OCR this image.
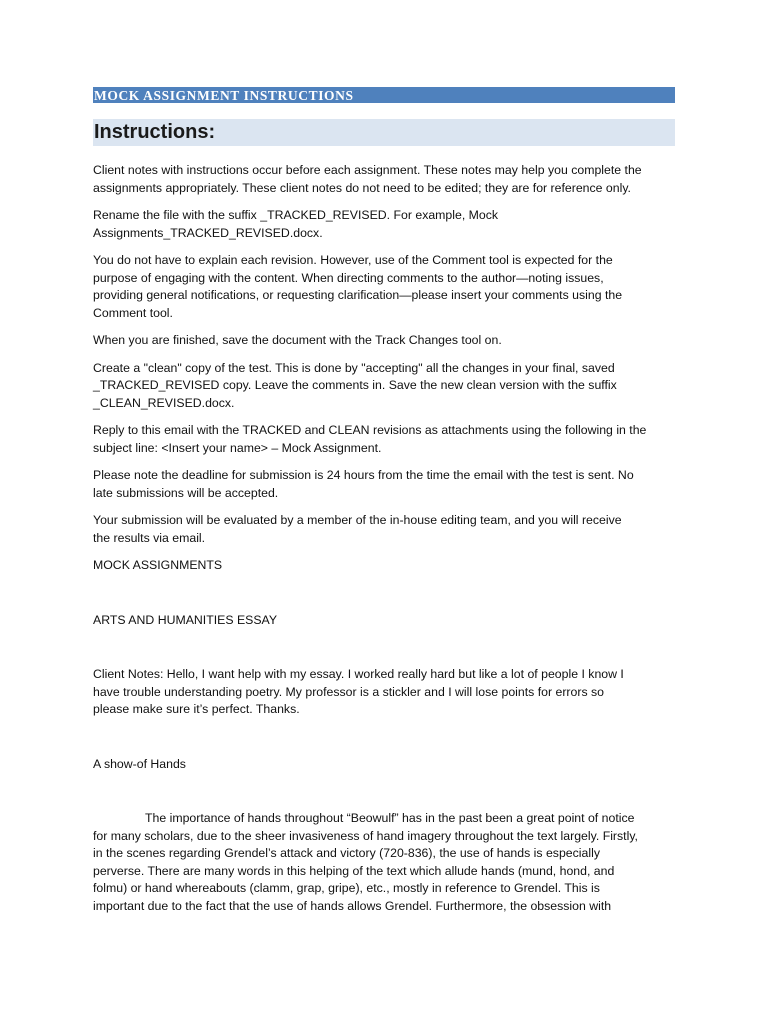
MOCK ASSIGNMENT INSTRUCTIONS
Instructions:
Client notes with instructions occur before each assignment. These notes may help you complete the
assignments appropriately. These client notes do not need to be edited; they are for reference only.
Rename the file with the suffix _TRACKED_REVISED. For example, Mock
Assignments_TRACKED_REVISED.docx.
You do not have to explain each revision. However, use of the Comment tool is expected for the
purpose of engaging with the content. When directing comments to the author—noting issues,
providing general notifications, or requesting clarification—please insert your comments using the
Comment tool.
When you are finished, save the document with the Track Changes tool on.
Create a "clean" copy of the test. This is done by "accepting" all the changes in your final, saved
_TRACKED_REVISED copy. Leave the comments in. Save the new clean version with the suffix
_CLEAN_REVISED.docx.
Reply to this email with the TRACKED and CLEAN revisions as attachments using the following in the
subject line: <Insert your name> – Mock Assignment.
Please note the deadline for submission is 24 hours from the time the email with the test is sent. No
late submissions will be accepted.
Your submission will be evaluated by a member of the in-house editing team, and you will receive
the results via email.
MOCK ASSIGNMENTS
ARTS AND HUMANITIES ESSAY
Client Notes: Hello, I want help with my essay. I worked really hard but like a lot of people I know I
have trouble understanding poetry. My professor is a stickler and I will lose points for errors so
please make sure it’s perfect. Thanks.
A show-of Hands
The importance of hands throughout “Beowulf” has in the past been a great point of notice
for many scholars, due to the sheer invasiveness of hand imagery throughout the text largely. Firstly,
in the scenes regarding Grendel’s attack and victory (720-836), the use of hands is especially
perverse. There are many words in this helping of the text which allude hands (mund, hond, and
folmu) or hand whereabouts (clamm, grap, gripe), etc., mostly in reference to Grendel. This is
important due to the fact that the use of hands allows Grendel. Furthermore, the obsession with
